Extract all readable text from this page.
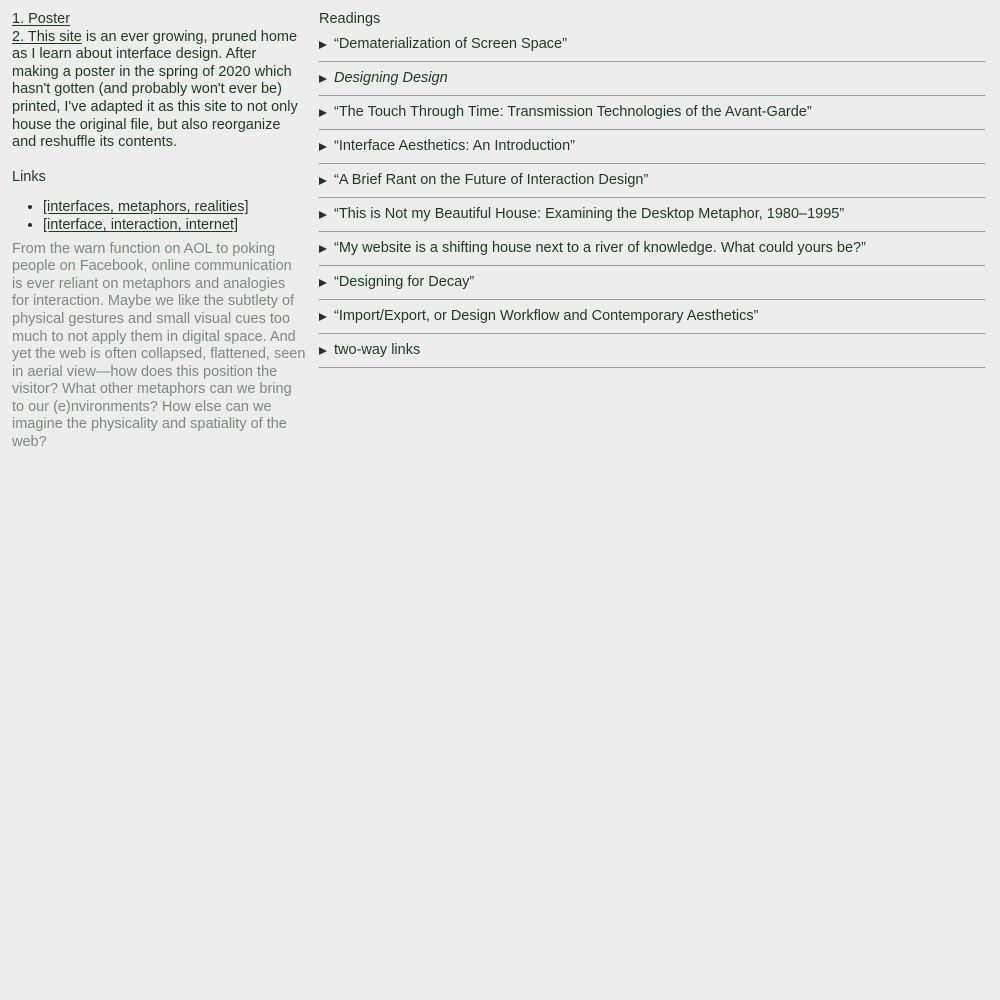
1. Poster

2. This site is an ever growing, pruned home as I learn about interface design. After making a poster in the spring of 2020 which hasn't gotten (and probably won't ever be) printed, I've adapted it as this site to not only house the original file, but also reorganize and reshuffle its contents.

Links
• [interfaces, metaphors, realities]
• [interface, interaction, internet]

From the warn function on AOL to poking people on Facebook, online communication is ever reliant on metaphors and analogies for interaction. Maybe we like the subtlety of physical gestures and small visual cues too much to not apply them in digital space. And yet the web is often collapsed, flattened, seen in aerial view—how does this position the visitor? What other metaphors can we bring to our (e)nvironments? How else can we imagine the physicality and spatiality of the web?

Readings
“Dematerialization of Screen Space”
Designing Design
“The Touch Through Time: Transmission Technologies of the Avant-Garde”
“Interface Aesthetics: An Introduction”
“A Brief Rant on the Future of Interaction Design”
“This is Not my Beautiful House: Examining the Desktop Metaphor, 1980–1995”
“My website is a shifting house next to a river of knowledge. What could yours be?”
“Designing for Decay”
“Import/Export, or Design Workflow and Contemporary Aesthetics”
two-way links
